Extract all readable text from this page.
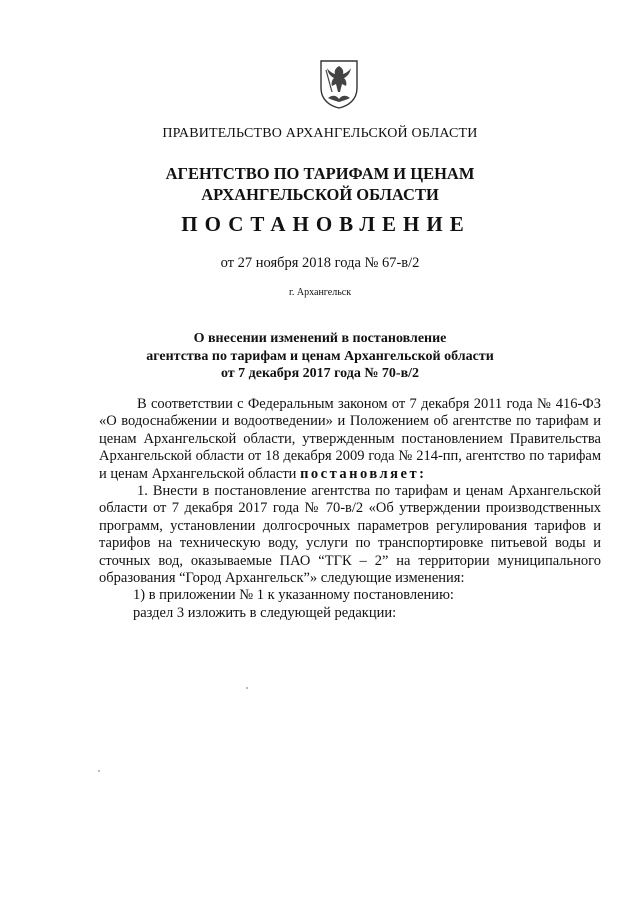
ПРАВИТЕЛЬСТВО АРХАНГЕЛЬСКОЙ ОБЛАСТИ
АГЕНТСТВО ПО ТАРИФАМ И ЦЕНАМ
АРХАНГЕЛЬСКОЙ ОБЛАСТИ
ПОСТАНОВЛЕНИЕ
от 27 ноября 2018 года № 67-в/2
г. Архангельск
О внесении изменений в постановление
агентства по тарифам и ценам Архангельской области
от 7 декабря 2017 года № 70-в/2

В соответствии с Федеральным законом от 7 декабря 2011 года № 416-ФЗ «О водоснабжении и водоотведении» и Положением об агентстве по тарифам и ценам Архангельской области, утвержденным постановлением Правительства Архангельской области от 18 декабря 2009 года № 214-пп, агентство по тарифам и ценам Архангельской области постановляет:

1. Внести в постановление агентства по тарифам и ценам Архангельской области от 7 декабря 2017 года № 70-в/2 «Об утверждении производственных программ, установлении долгосрочных параметров регулирования тарифов и тарифов на техническую воду, услуги по транспортировке питьевой воды и сточных вод, оказываемые ПАО “ТГК – 2” на территории муниципального образования “Город Архангельск”» следующие изменения:

1) в приложении № 1 к указанному постановлению:

раздел 3 изложить в следующей редакции:
